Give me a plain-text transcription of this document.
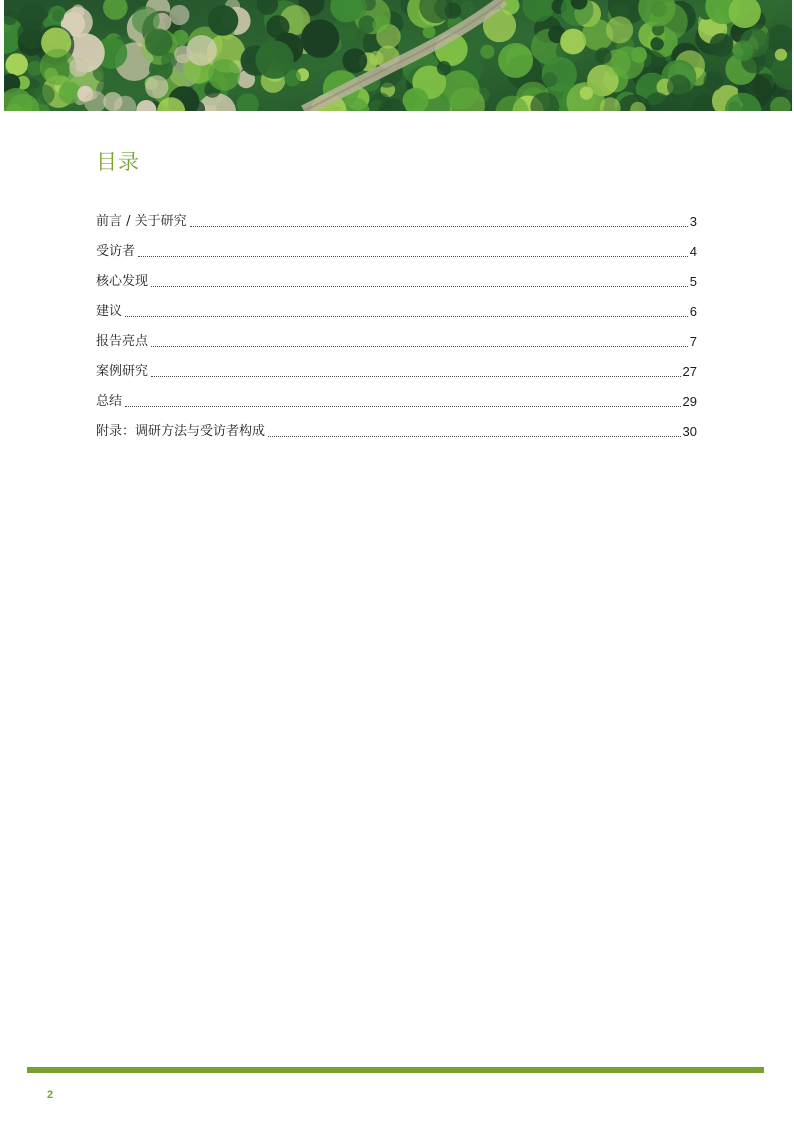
目录
前言 / 关于研究	3
受访者	4
核心发现	5
建议	6
报告亮点	7
案例研究	27
总结	29
附录：调研方法与受访者构成	30
2
